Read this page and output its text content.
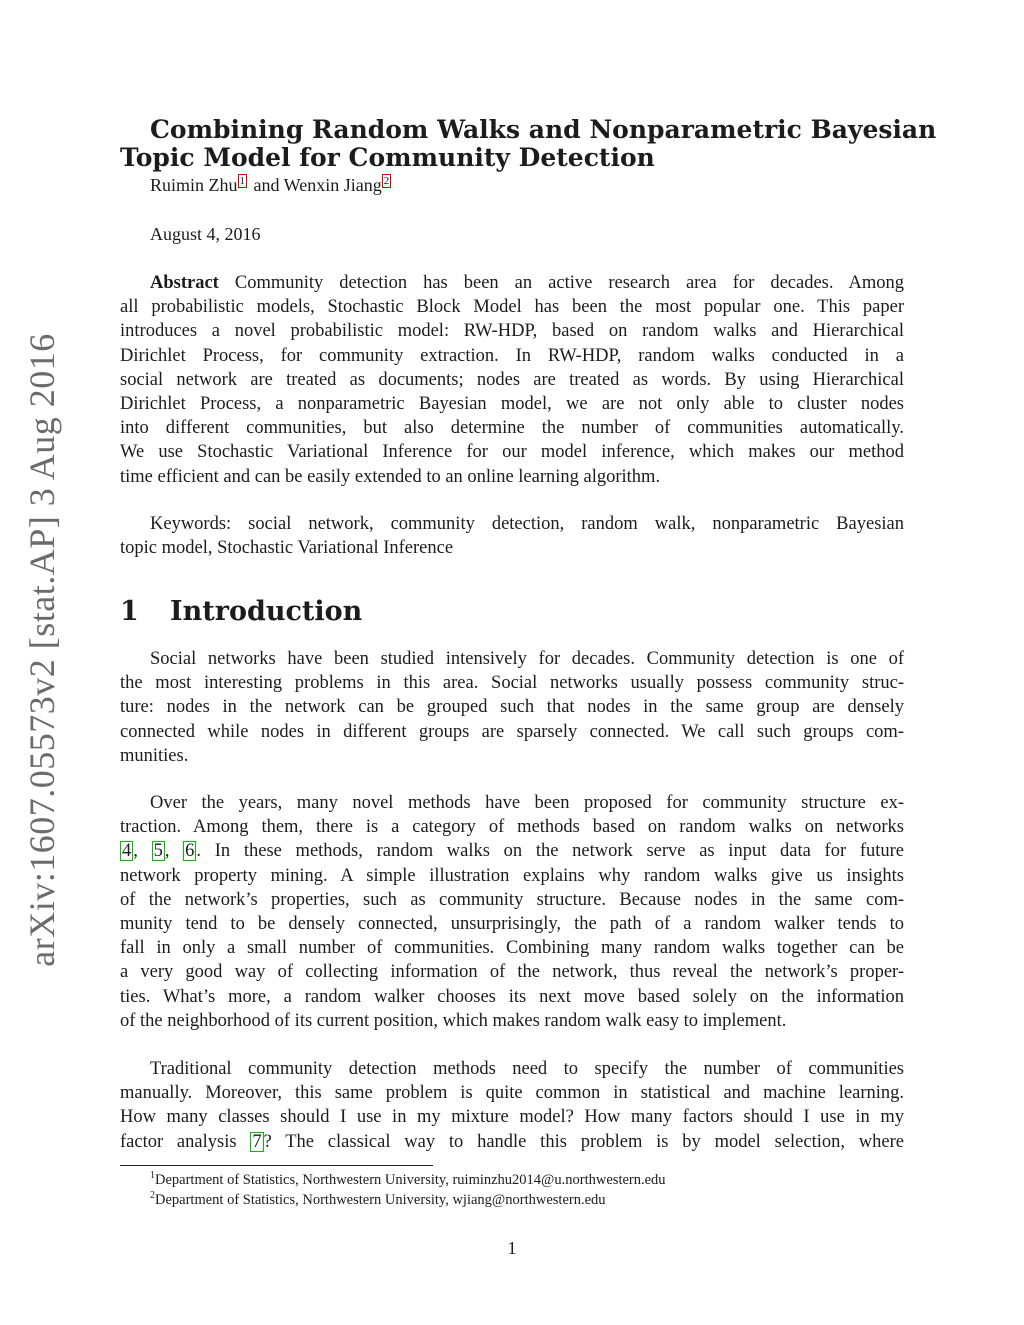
arXiv:1607.05573v2 [stat.AP] 3 Aug 2016
Combining Random Walks and Nonparametric Bayesian
Topic Model for Community Detection
Ruimin Zhu 1 and Wenxin Jiang 2
August 4, 2016
Abstract Community detection has been an active research area for decades. Among
all probabilistic models, Stochastic Block Model has been the most popular one. This paper
introduces a novel probabilistic model: RW-HDP, based on random walks and Hierarchical
Dirichlet Process, for community extraction. In RW-HDP, random walks conducted in a
social network are treated as documents; nodes are treated as words. By using Hierarchical
Dirichlet Process, a nonparametric Bayesian model, we are not only able to cluster nodes
into different communities, but also determine the number of communities automatically.
We use Stochastic Variational Inference for our model inference, which makes our method
time efficient and can be easily extended to an online learning algorithm.
Keywords: social network, community detection, random walk, nonparametric Bayesian
topic model, Stochastic Variational Inference
1 Introduction
Social networks have been studied intensively for decades. Community detection is one of
the most interesting problems in this area. Social networks usually possess community struc-
ture: nodes in the network can be grouped such that nodes in the same group are densely
connected while nodes in different groups are sparsely connected. We call such groups com-
munities.
Over the years, many novel methods have been proposed for community structure ex-
traction. Among them, there is a category of methods based on random walks on networks
4 , 5 , 6 . In these methods, random walks on the network serve as input data for future
network property mining. A simple illustration explains why random walks give us insights
of the network’s properties, such as community structure. Because nodes in the same com-
munity tend to be densely connected, unsurprisingly, the path of a random walker tends to
fall in only a small number of communities. Combining many random walks together can be
a very good way of collecting information of the network, thus reveal the network’s proper-
ties. What’s more, a random walker chooses its next move based solely on the information
of the neighborhood of its current position, which makes random walk easy to implement.
Traditional community detection methods need to specify the number of communities
manually. Moreover, this same problem is quite common in statistical and machine learning.
How many classes should I use in my mixture model? How many factors should I use in my
factor analysis 7 ? The classical way to handle this problem is by model selection, where
$^1$Department of Statistics, Northwestern University, ruiminzhu2014@u.northwestern.edu
$^2$Department of Statistics, Northwestern University, wjiang@northwestern.edu
1
